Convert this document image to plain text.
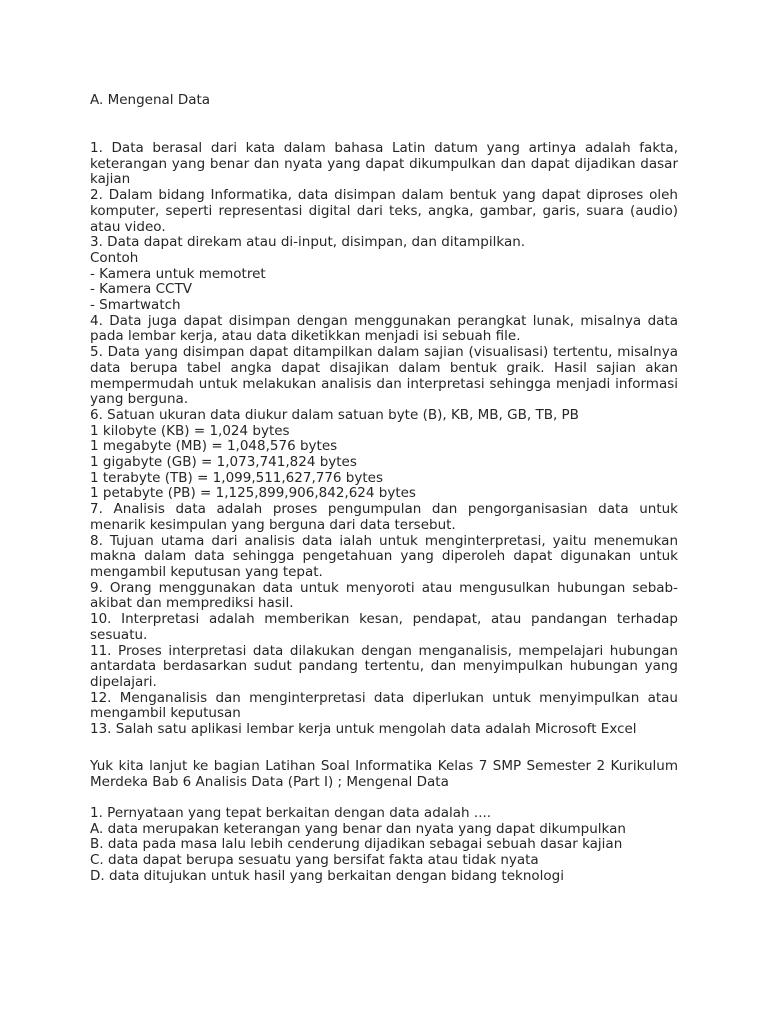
A. Mengenal Data

1. Data berasal dari kata dalam bahasa Latin datum yang artinya adalah fakta, keterangan yang benar dan nyata yang dapat dikumpulkan dan dapat dijadikan dasar kajian

2. Dalam bidang Informatika, data disimpan dalam bentuk yang dapat diproses oleh komputer, seperti representasi digital dari teks, angka, gambar, garis, suara (audio) atau video.

3. Data dapat direkam atau di-input, disimpan, dan ditampilkan.

Contoh

- Kamera untuk memotret

- Kamera CCTV

- Smartwatch

4. Data juga dapat disimpan dengan menggunakan perangkat lunak, misalnya data pada lembar kerja, atau data diketikkan menjadi isi sebuah file.

5. Data yang disimpan dapat ditampilkan dalam sajian (visualisasi) tertentu, misalnya data berupa tabel angka dapat disajikan dalam bentuk graik. Hasil sajian akan mempermudah untuk melakukan analisis dan interpretasi sehingga menjadi informasi yang berguna.

6. Satuan ukuran data diukur dalam satuan byte (B), KB, MB, GB, TB, PB

1 kilobyte (KB) = 1,024 bytes

1 megabyte (MB) = 1,048,576 bytes

1 gigabyte (GB) = 1,073,741,824 bytes

1 terabyte (TB) = 1,099,511,627,776 bytes

1 petabyte (PB) = 1,125,899,906,842,624 bytes

7. Analisis data adalah proses pengumpulan dan pengorganisasian data untuk menarik kesimpulan yang berguna dari data tersebut.

8. Tujuan utama dari analisis data ialah untuk menginterpretasi, yaitu menemukan makna dalam data sehingga pengetahuan yang diperoleh dapat digunakan untuk mengambil keputusan yang tepat.

9. Orang menggunakan data untuk menyoroti atau mengusulkan hubungan sebab-akibat dan memprediksi hasil.

10. Interpretasi adalah memberikan kesan, pendapat, atau pandangan terhadap sesuatu.

11. Proses interpretasi data dilakukan dengan menganalisis, mempelajari hubungan antardata berdasarkan sudut pandang tertentu, dan menyimpulkan hubungan yang dipelajari.

12. Menganalisis dan menginterpretasi data diperlukan untuk menyimpulkan atau mengambil keputusan

13. Salah satu aplikasi lembar kerja untuk mengolah data adalah Microsoft Excel

Yuk kita lanjut ke bagian Latihan Soal Informatika Kelas 7 SMP Semester 2 Kurikulum Merdeka Bab 6 Analisis Data (Part I) ; Mengenal Data

1. Pernyataan yang tepat berkaitan dengan data adalah ....

A. data merupakan keterangan yang benar dan nyata yang dapat dikumpulkan

B. data pada masa lalu lebih cenderung dijadikan sebagai sebuah dasar kajian

C. data dapat berupa sesuatu yang bersifat fakta atau tidak nyata

D. data ditujukan untuk hasil yang berkaitan dengan bidang teknologi
